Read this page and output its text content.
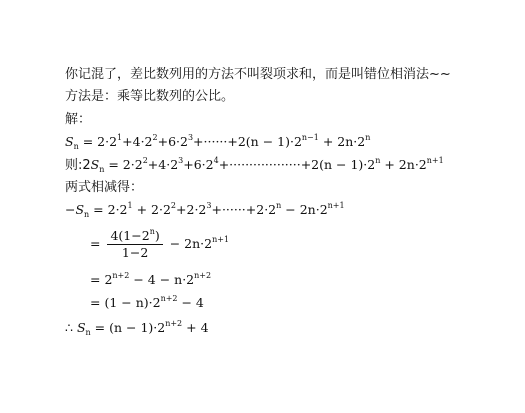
你记混了，差比数列用的方法不叫裂项求和，而是叫错位相消法~~
方法是：乘等比数列的公比。
解：
$S_n = 2\cdot 2^1+4\cdot 2^2+6\cdot 2^3+\cdot\cdot\cdot\cdot\cdot\cdot+2(n - 1)\cdot 2^{n-1} + 2n\cdot 2^n$
则$:2S_n = 2\cdot 2^2+4\cdot 2^3+6\cdot 2^4+\cdot\cdot\cdot\cdot\cdot\cdot\cdot\cdot\cdot\cdot\cdot\cdot\cdot\cdot\cdot\cdot\cdot\cdot+2(n - 1)\cdot 2^n + 2n\cdot 2^{n+1}$
两式相减得：
$-S_n = 2\cdot 2^1 + 2\cdot 2^2+2\cdot 2^3+\cdot\cdot\cdot\cdot\cdot\cdot+2\cdot 2^n - 2n\cdot 2^{n+1}$
= $\frac{4(1-2^n)}{1-2} - 2n\cdot 2^{n+1}$
= $2^{n+2} - 4 - n\cdot 2^{n+2}$
= $(1 - n)\cdot 2^{n+2} - 4$
∴ $S_n = (n - 1)\cdot 2^{n+2} + 4$
